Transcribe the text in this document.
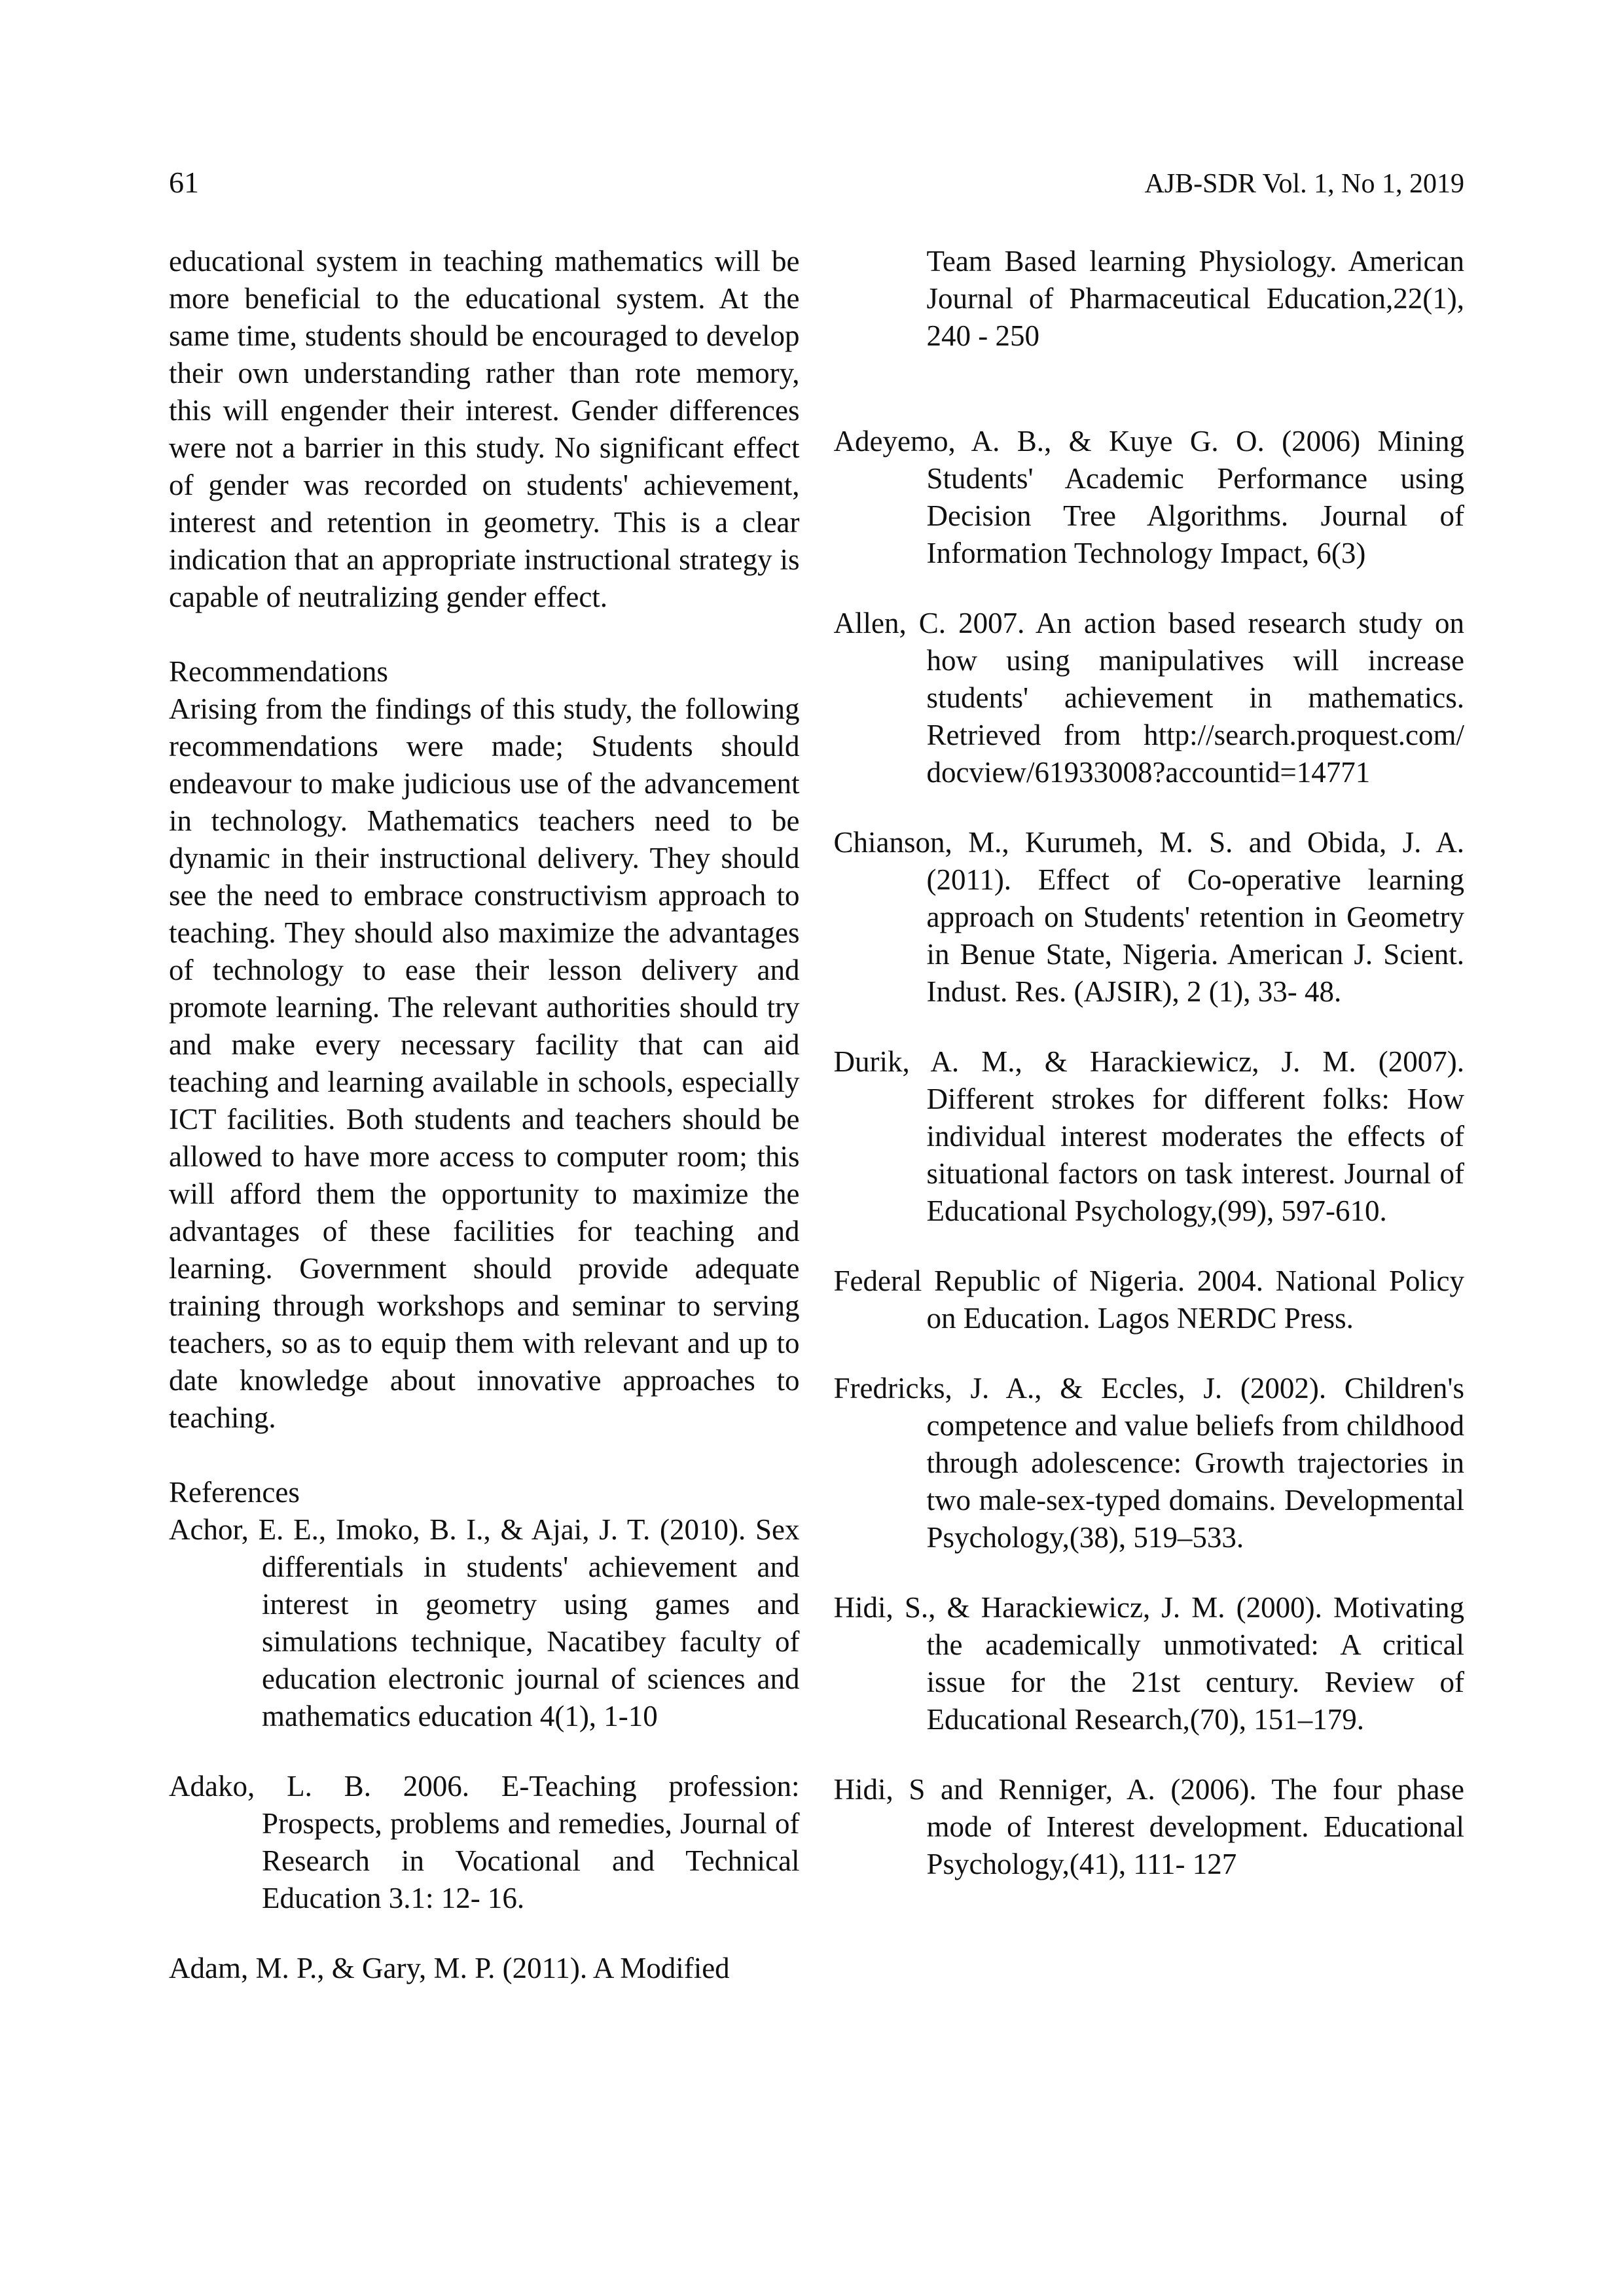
61	AJB-SDR Vol. 1, No 1, 2019

educational system in teaching mathematics will be more beneficial to the educational system. At the same time, students should be encouraged to develop their own understanding rather than rote memory, this will engender their interest. Gender differences were not a barrier in this study. No significant effect of gender was recorded on students' achievement, interest and retention in geometry. This is a clear indication that an appropriate instructional strategy is capable of neutralizing gender effect.

Recommendations

Arising from the findings of this study, the following recommendations were made; Students should endeavour to make judicious use of the advancement in technology. Mathematics teachers need to be dynamic in their instructional delivery. They should see the need to embrace constructivism approach to teaching. They should also maximize the advantages of technology to ease their lesson delivery and promote learning. The relevant authorities should try and make every necessary facility that can aid teaching and learning available in schools, especially ICT facilities. Both students and teachers should be allowed to have more access to computer room; this will afford them the opportunity to maximize the advantages of these facilities for teaching and learning. Government should provide adequate training through workshops and seminar to serving teachers, so as to equip them with relevant and up to date knowledge about innovative approaches to teaching.

References

Achor, E. E., Imoko, B. I., & Ajai, J. T. (2010). Sex differentials in students' achievement and interest in geometry using games and simulations technique, Nacatibey faculty of education electronic journal of sciences and mathematics education 4(1), 1-10

Adako, L. B. 2006. E-Teaching profession: Prospects, problems and remedies, Journal of Research in Vocational and Technical Education 3.1: 12- 16.

Adam, M. P., & Gary, M. P. (2011). A Modified

Team Based learning Physiology. American Journal of Pharmaceutical Education,22(1), 240 - 250

Adeyemo, A. B., & Kuye G. O. (2006) Mining Students' Academic Performance using Decision Tree Algorithms. Journal of Information Technology Impact, 6(3)

Allen, C. 2007. An action based research study on how using manipulatives will increase students' achievement in mathematics. Retrieved from http://search.proquest.com/ docview/61933008?accountid=14771

Chianson, M., Kurumeh, M. S. and Obida, J. A. (2011). Effect of Co-operative learning approach on Students' retention in Geometry in Benue State, Nigeria. American J. Scient. Indust. Res. (AJSIR), 2 (1), 33- 48.

Durik, A. M., & Harackiewicz, J. M. (2007). Different strokes for different folks: How individual interest moderates the effects of situational factors on task interest. Journal of Educational Psychology,(99), 597-610.

Federal Republic of Nigeria. 2004. National Policy on Education. Lagos NERDC Press.

Fredricks, J. A., & Eccles, J. (2002). Children's competence and value beliefs from childhood through adolescence: Growth trajectories in two male-sex-typed domains. Developmental Psychology,(38), 519–533.

Hidi, S., & Harackiewicz, J. M. (2000). Motivating the academically unmotivated: A critical issue for the 21st century. Review of Educational Research,(70), 151–179.

Hidi, S and Renniger, A. (2006). The four phase mode of Interest development. Educational Psychology,(41), 111- 127
